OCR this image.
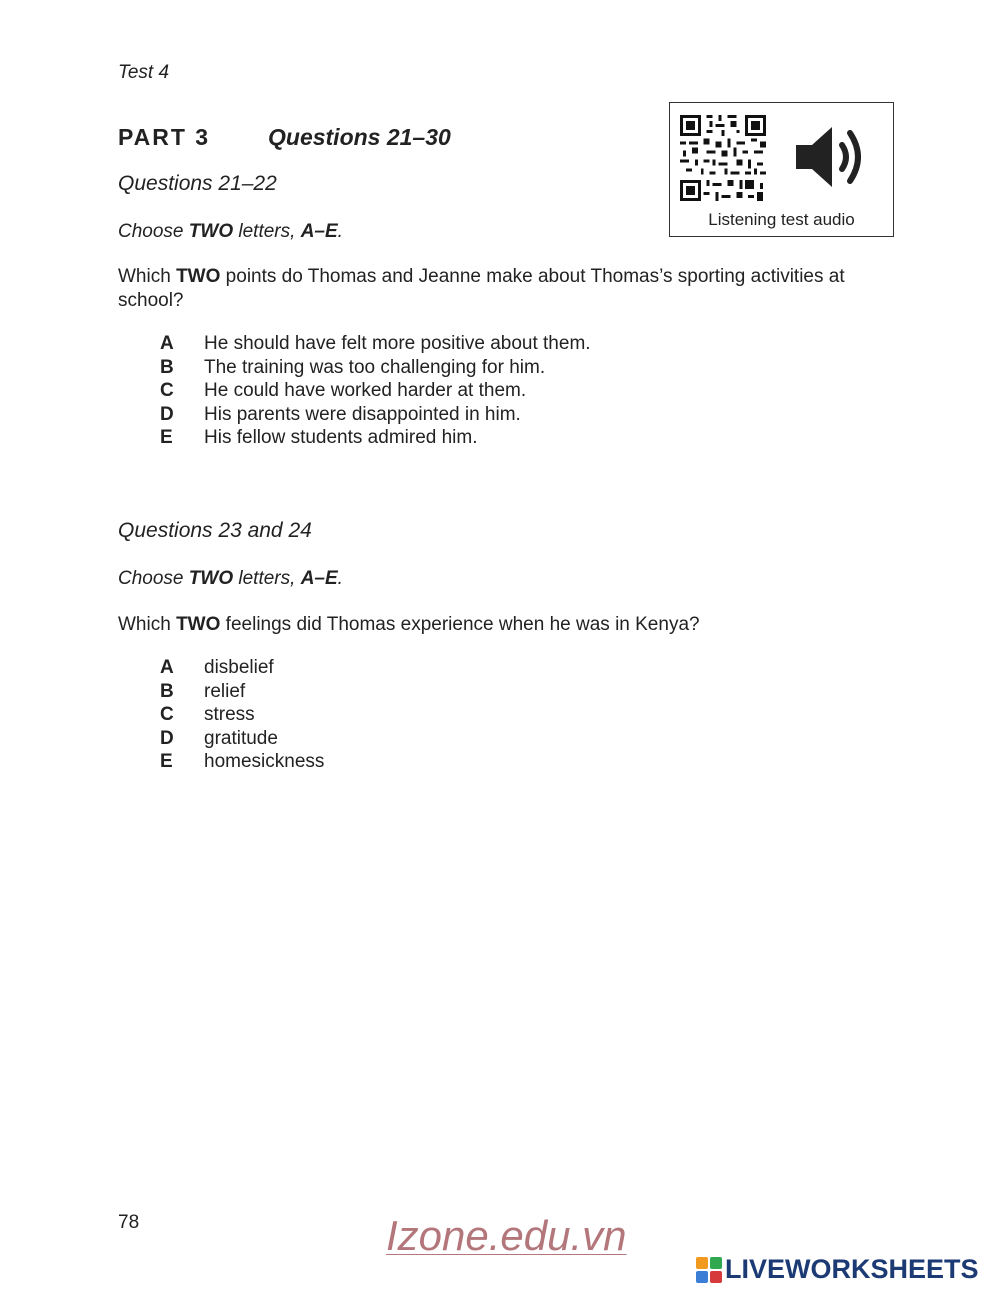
Test 4
PART 3	Questions 21–30
Listening test audio
Questions 21–22
Choose TWO letters, A–E.
Which TWO points do Thomas and Jeanne make about Thomas’s sporting activities at school?
A	He should have felt more positive about them.
B	The training was too challenging for him.
C	He could have worked harder at them.
D	His parents were disappointed in him.
E	His fellow students admired him.
Questions 23 and 24
Choose TWO letters, A–E.
Which TWO feelings did Thomas experience when he was in Kenya?
A	disbelief
B	relief
C	stress
D	gratitude
E	homesickness
78	Izone.edu.vn
LIVEWORKSHEETS
